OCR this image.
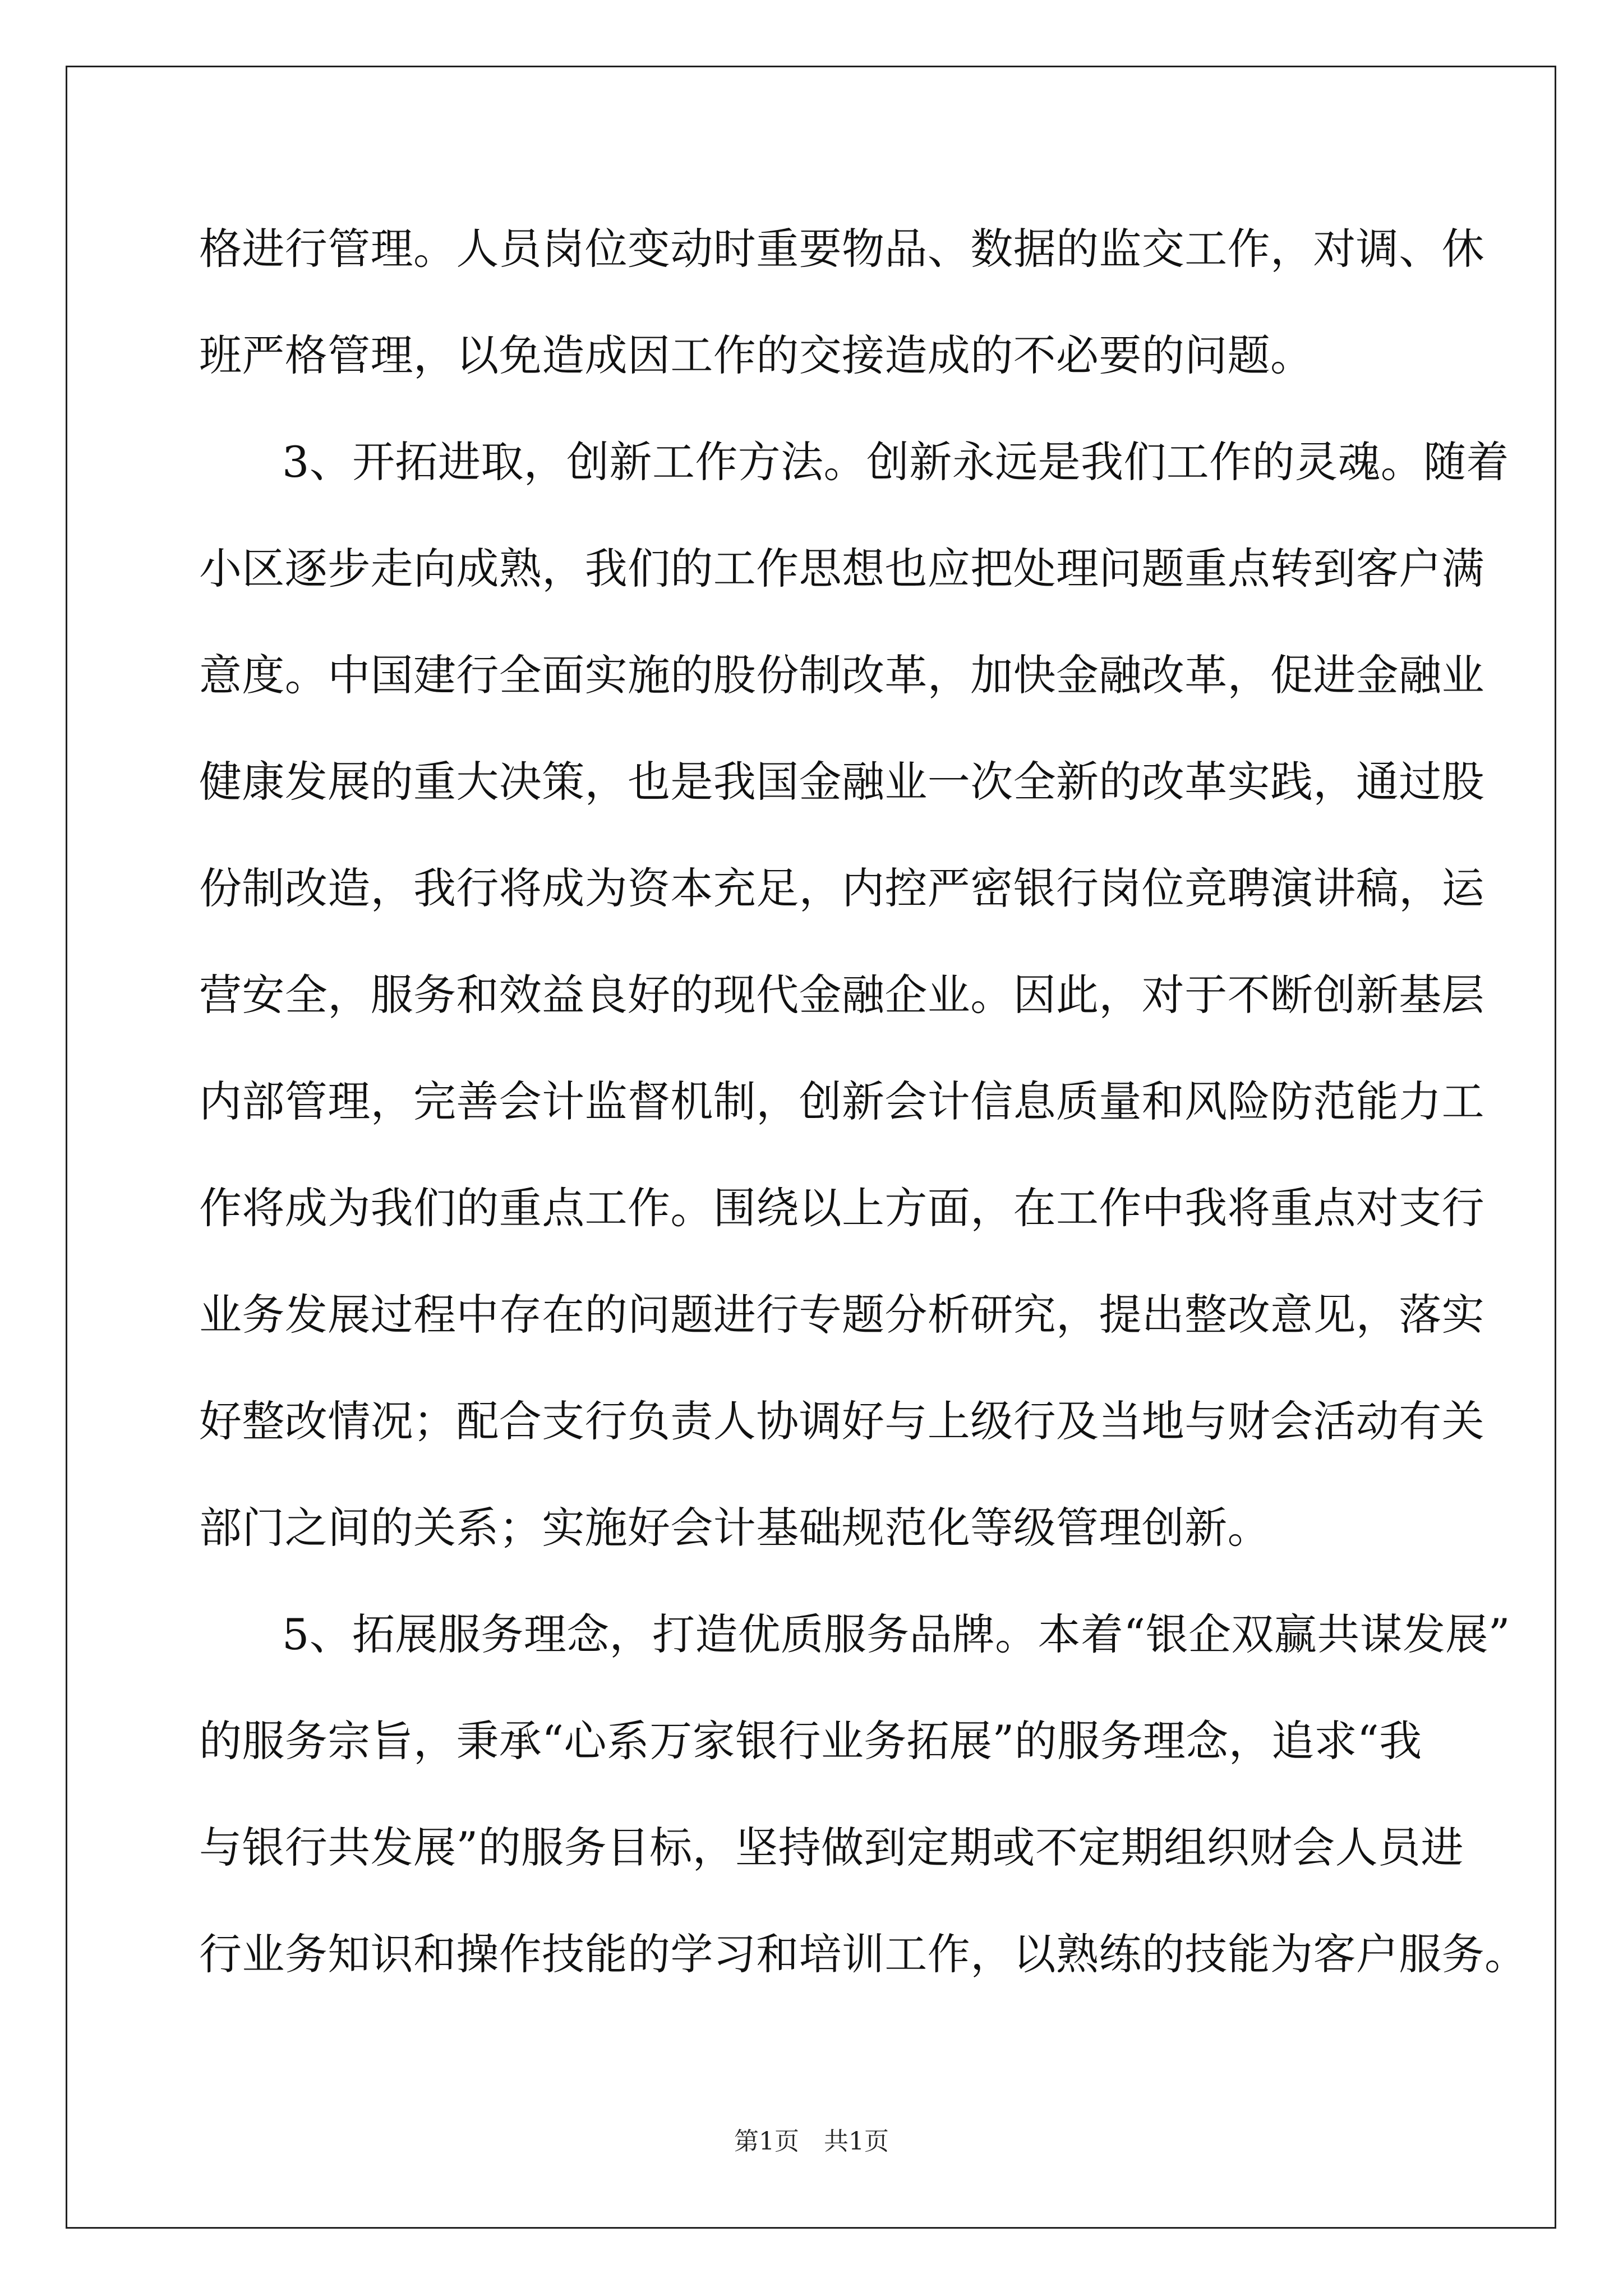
格进行管理。人员岗位变动时重要物品、数据的监交工作，对调、休
班严格管理，以免造成因工作的交接造成的不必要的问题。
3、开拓进取，创新工作方法。创新永远是我们工作的灵魂。随着
小区逐步走向成熟，我们的工作思想也应把处理问题重点转到客户满
意度。中国建行全面实施的股份制改革，加快金融改革，促进金融业
健康发展的重大决策，也是我国金融业一次全新的改革实践，通过股
份制改造，我行将成为资本充足，内控严密银行岗位竞聘演讲稿，运
营安全，服务和效益良好的现代金融企业。因此，对于不断创新基层
内部管理，完善会计监督机制，创新会计信息质量和风险防范能力工
作将成为我们的重点工作。围绕以上方面，在工作中我将重点对支行
业务发展过程中存在的问题进行专题分析研究，提出整改意见，落实
好整改情况；配合支行负责人协调好与上级行及当地与财会活动有关
部门之间的关系；实施好会计基础规范化等级管理创新。
5、拓展服务理念，打造优质服务品牌。本着“银企双赢共谋发展”
的服务宗旨，秉承“心系万家银行业务拓展”的服务理念，追求“我
与银行共发展”的服务目标，坚持做到定期或不定期组织财会人员进
行业务知识和操作技能的学习和培训工作，以熟练的技能为客户服务。
第1页　共1页
